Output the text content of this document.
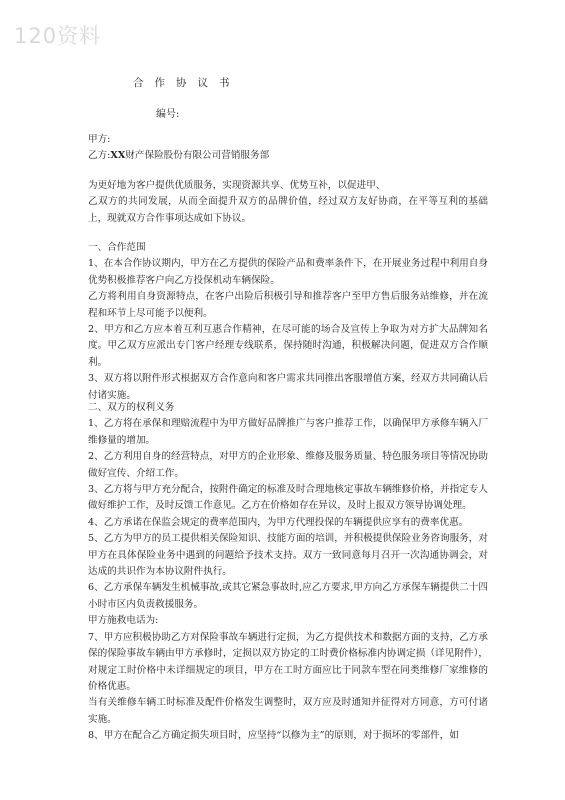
120资料
合作协议书
编号:

甲方:

乙方:XX财产保险股份有限公司营销服务部

为更好地为客户提供优质服务，实现资源共享、优势互补，以促进甲、

乙双方的共同发展，从而全面提升双方的品牌价值，经过双方友好协商，在平等互利的基础上，现就双方合作事项达成如下协议。

一、合作范围

1、在本合作协议期内，甲方在乙方提供的保险产品和费率条件下，在开展业务过程中利用自身优势积极推荐客户向乙方投保机动车辆保险。

乙方将利用自身资源特点，在客户出险后积极引导和推荐客户至甲方售后服务站维修，并在流程和环节上尽可能予以便利。

2、甲方和乙方应本着互利互惠合作精神，在尽可能的场合及宣传上争取为对方扩大品牌知名度。甲乙双方应派出专门客户经理专线联系，保持随时沟通，积极解决问题，促进双方合作顺利。

3、双方将以附件形式根据双方合作意向和客户需求共同推出客服增值方案，经双方共同确认后付诸实施。

二、双方的权利义务

1、乙方将在承保和理赔流程中为甲方做好品牌推广与客户推荐工作，以确保甲方承修车辆入厂维修量的增加。

2、乙方利用自身的经营特点，对甲方的企业形象、维修及服务质量、特色服务项目等情况协助做好宣传、介绍工作。

3、乙方将与甲方充分配合，按附件确定的标准及时合理地核定事故车辆维修价格，并指定专人做好维护工作，及时反馈工作意见。乙方在价格如存在异议，及时上报双方领导协调处理。

4、乙方承诺在保监会规定的费率范围内，为甲方代理投保的车辆提供应享有的费率优惠。

5、乙方为甲方的员工提供相关保险知识、技能方面的培训，并积极提供保险业务咨询服务，对甲方在具体保险业务中遇到的问题给予技术支持。双方一致同意每月召开一次沟通协调会，对达成的共识作为本协议附件执行。

6、乙方承保车辆发生机械事故,或其它紧急事故时,应乙方要求,甲方向乙方承保车辆提供二十四小时市区内负责救援服务。

甲方施救电话为:

7、甲方应积极协助乙方对保险事故车辆进行定损，为乙方提供技术和数据方面的支持，乙方承保的保险事故车辆由甲方承修时，定损以双方协定的工时费价格标准内协调定损（详见附件），对规定工时价格中未详细规定的项目，甲方在工时方面应比于同款车型在同类维修厂家维修的价格优惠。

当有关维修车辆工时标准及配件价格发生调整时，双方应及时通知并征得对方同意，方可付诸实施。

8、甲方在配合乙方确定损失项目时，应坚持“以修为主”的原则，对于损坏的零部件，如
